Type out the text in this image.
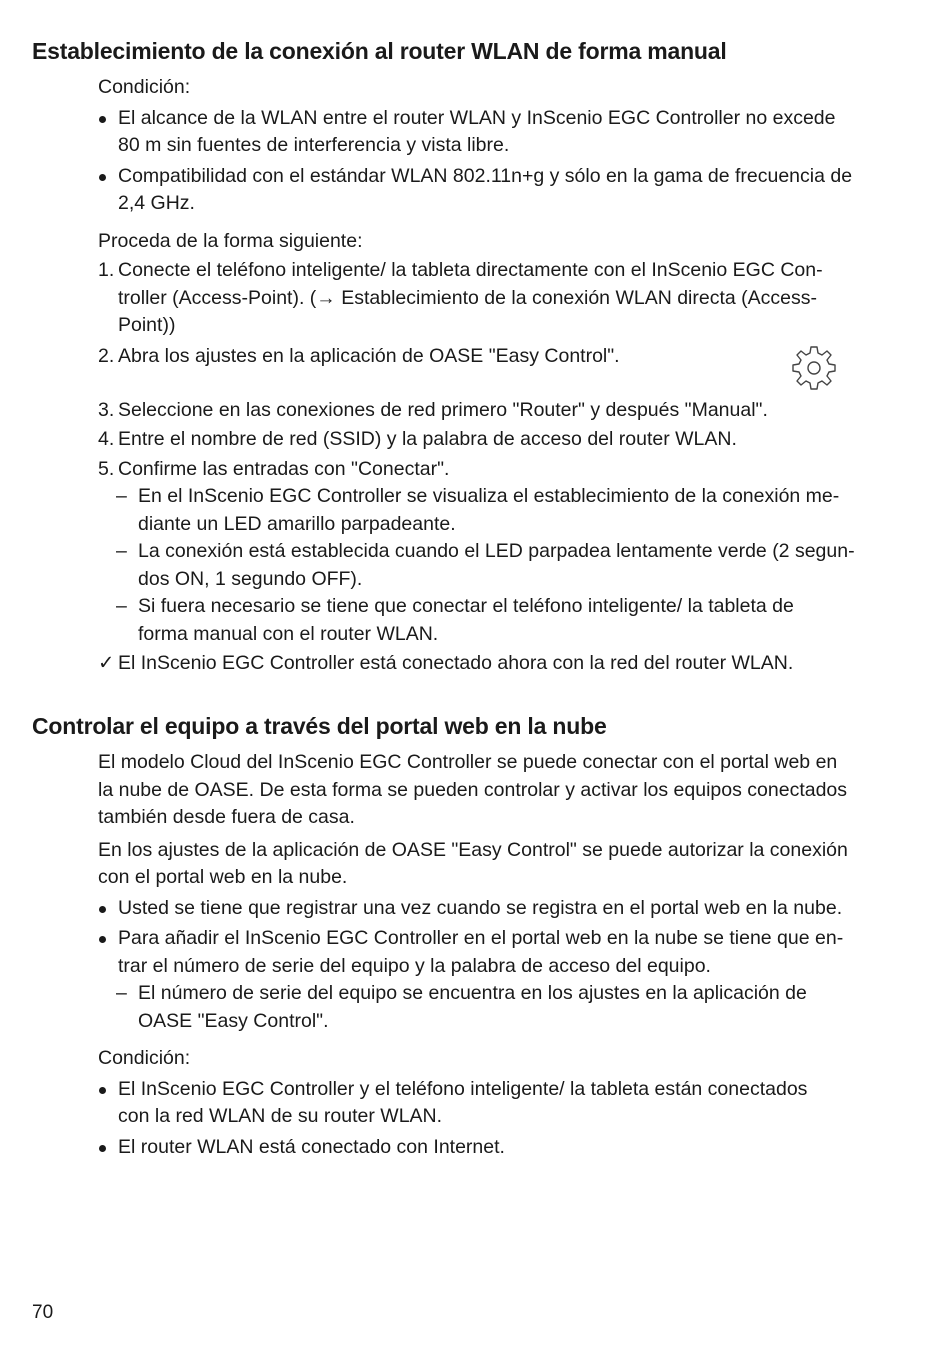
Establecimiento de la conexión al router WLAN de forma manual
Condición:
El alcance de la WLAN entre el router WLAN y InScenio EGC Controller no excede
80 m sin fuentes de interferencia y vista libre.
Compatibilidad con el estándar WLAN 802.11n+g y sólo en la gama de frecuencia de
2,4 GHz.
Proceda de la forma siguiente:
1. Conecte el teléfono inteligente/ la tableta directamente con el InScenio EGC Con-
troller (Access-Point). (→ Establecimiento de la conexión WLAN directa (Access-
Point))
2. Abra los ajustes en la aplicación de OASE "Easy Control".
3. Seleccione en las conexiones de red primero "Router" y después "Manual".
4. Entre el nombre de red (SSID) y la palabra de acceso del router WLAN.
5. Confirme las entradas con "Conectar".
– En el InScenio EGC Controller se visualiza el establecimiento de la conexión me-
diante un LED amarillo parpadeante.
– La conexión está establecida cuando el LED parpadea lentamente verde (2 segun-
dos ON, 1 segundo OFF).
– Si fuera necesario se tiene que conectar el teléfono inteligente/ la tableta de
forma manual con el router WLAN.
✓ El InScenio EGC Controller está conectado ahora con la red del router WLAN.
Controlar el equipo a través del portal web en la nube
El modelo Cloud del InScenio EGC Controller se puede conectar con el portal web en
la nube de OASE. De esta forma se pueden controlar y activar los equipos conectados
también desde fuera de casa.
En los ajustes de la aplicación de OASE "Easy Control" se puede autorizar la conexión
con el portal web en la nube.
Usted se tiene que registrar una vez cuando se registra en el portal web en la nube.
Para añadir el InScenio EGC Controller en el portal web en la nube se tiene que en-
trar el número de serie del equipo y la palabra de acceso del equipo.
– El número de serie del equipo se encuentra en los ajustes en la aplicación de
OASE "Easy Control".
Condición:
El InScenio EGC Controller y el teléfono inteligente/ la tableta están conectados
con la red WLAN de su router WLAN.
El router WLAN está conectado con Internet.
70
